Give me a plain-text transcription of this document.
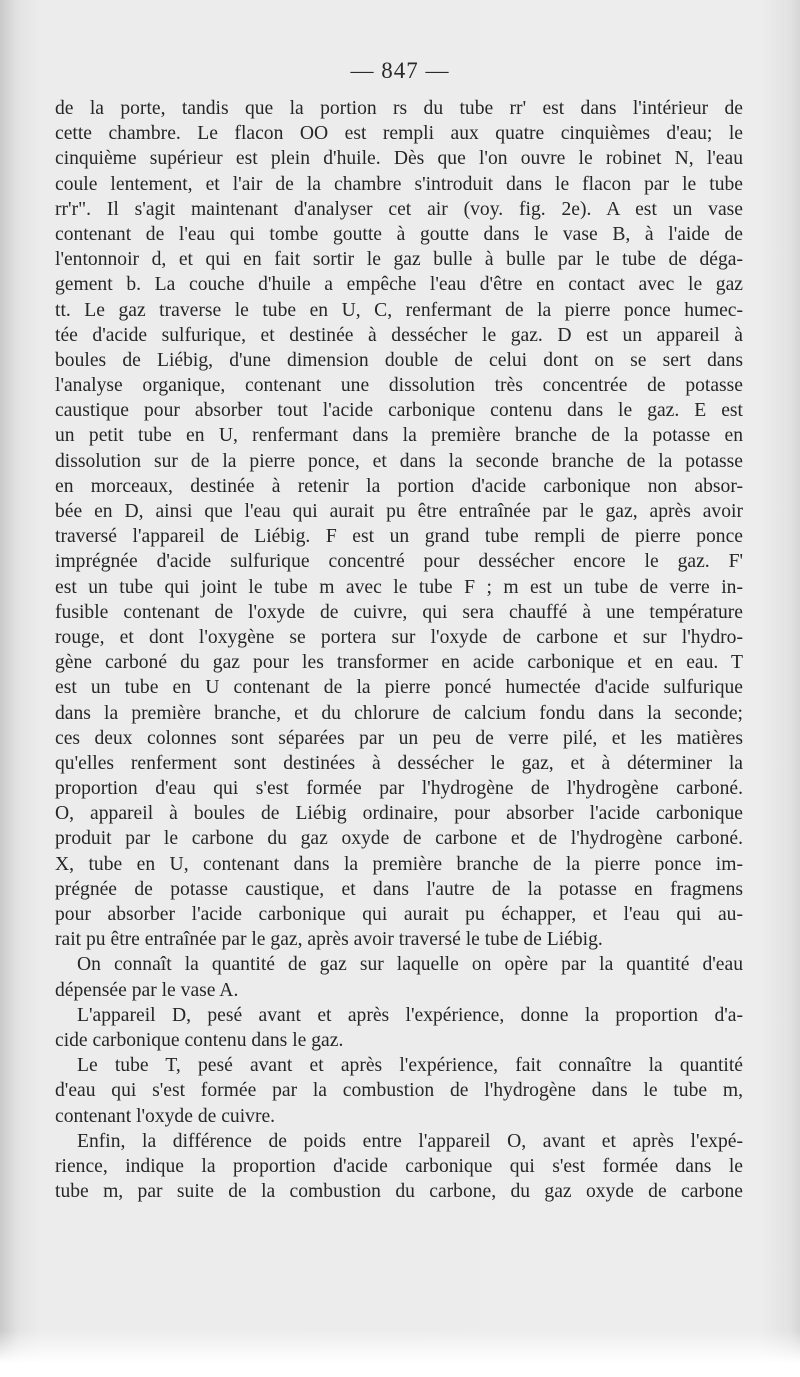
— 847 —
de la porte, tandis que la portion rs du tube rr' est dans l'intérieur de
cette chambre. Le flacon OO est rempli aux quatre cinquièmes d'eau; le
cinquième supérieur est plein d'huile. Dès que l'on ouvre le robinet N, l'eau
coule lentement, et l'air de la chambre s'introduit dans le flacon par le tube
rr'r". Il s'agit maintenant d'analyser cet air (voy. fig. 2e). A est un vase
contenant de l'eau qui tombe goutte à goutte dans le vase B, à l'aide de
l'entonnoir d, et qui en fait sortir le gaz bulle à bulle par le tube de déga-
gement b. La couche d'huile a empêche l'eau d'être en contact avec le gaz
tt. Le gaz traverse le tube en U, C, renfermant de la pierre ponce humec-
tée d'acide sulfurique, et destinée à dessécher le gaz. D est un appareil à
boules de Liébig, d'une dimension double de celui dont on se sert dans
l'analyse organique, contenant une dissolution très concentrée de potasse
caustique pour absorber tout l'acide carbonique contenu dans le gaz. E est
un petit tube en U, renfermant dans la première branche de la potasse en
dissolution sur de la pierre ponce, et dans la seconde branche de la potasse
en morceaux, destinée à retenir la portion d'acide carbonique non absor-
bée en D, ainsi que l'eau qui aurait pu être entraînée par le gaz, après avoir
traversé l'appareil de Liébig. F est un grand tube rempli de pierre ponce
imprégnée d'acide sulfurique concentré pour dessécher encore le gaz. F'
est un tube qui joint le tube m avec le tube F ; m est un tube de verre in-
fusible contenant de l'oxyde de cuivre, qui sera chauffé à une température
rouge, et dont l'oxygène se portera sur l'oxyde de carbone et sur l'hydro-
gène carboné du gaz pour les transformer en acide carbonique et en eau. T
est un tube en U contenant de la pierre poncé humectée d'acide sulfurique
dans la première branche, et du chlorure de calcium fondu dans la seconde;
ces deux colonnes sont séparées par un peu de verre pilé, et les matières
qu'elles renferment sont destinées à dessécher le gaz, et à déterminer la
proportion d'eau qui s'est formée par l'hydrogène de l'hydrogène carboné.
O, appareil à boules de Liébig ordinaire, pour absorber l'acide carbonique
produit par le carbone du gaz oxyde de carbone et de l'hydrogène carboné.
X, tube en U, contenant dans la première branche de la pierre ponce im-
prégnée de potasse caustique, et dans l'autre de la potasse en fragmens
pour absorber l'acide carbonique qui aurait pu échapper, et l'eau qui au-
rait pu être entraînée par le gaz, après avoir traversé le tube de Liébig.
On connaît la quantité de gaz sur laquelle on opère par la quantité d'eau
dépensée par le vase A.
L'appareil D, pesé avant et après l'expérience, donne la proportion d'a-
cide carbonique contenu dans le gaz.
Le tube T, pesé avant et après l'expérience, fait connaître la quantité
d'eau qui s'est formée par la combustion de l'hydrogène dans le tube m,
contenant l'oxyde de cuivre.
Enfin, la différence de poids entre l'appareil O, avant et après l'expé-
rience, indique la proportion d'acide carbonique qui s'est formée dans le
tube m, par suite de la combustion du carbone, du gaz oxyde de carbone
